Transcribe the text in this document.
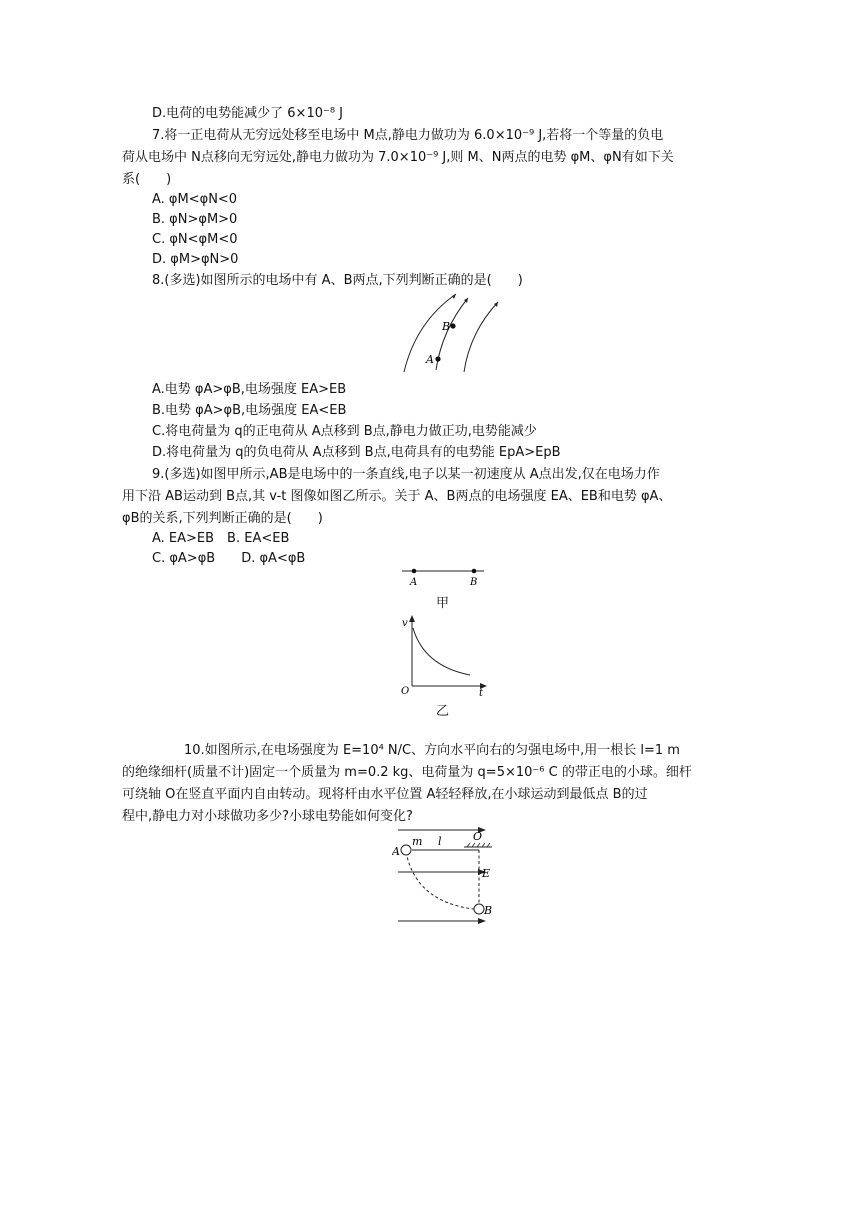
D.电荷的电势能减少了 6×10⁻⁸ J
7.将一正电荷从无穷远处移至电场中 M点,静电力做功为 6.0×10⁻⁹ J,若将一个等量的负电
荷从电场中 N点移向无穷远处,静电力做功为 7.0×10⁻⁹ J,则 M、N两点的电势 φM、φN有如下关
系(　　)
A. φM<φN<0
B. φN>φM>0
C. φN<φM<0
D. φM>φN>0
8.(多选)如图所示的电场中有 A、B两点,下列判断正确的是(　　)
A
B
A.电势 φA>φB,电场强度 EA>EB
B.电势 φA>φB,电场强度 EA<EB
C.将电荷量为 q的正电荷从 A点移到 B点,静电力做正功,电势能减少
D.将电荷量为 q的负电荷从 A点移到 B点,电荷具有的电势能 EpA>EpB
9.(多选)如图甲所示,AB是电场中的一条直线,电子以某一初速度从 A点出发,仅在电场力作
用下沿 AB运动到 B点,其 v-t 图像如图乙所示。关于 A、B两点的电场强度 EA、EB和电势 φA、
φB的关系,下列判断正确的是(　　)
A. EA>EB　B. EA<EB
C. φA>φB　　D. φA<φB
A	B
甲
v
t
O
乙
10.如图所示,在电场强度为 E=10⁴ N/C、方向水平向右的匀强电场中,用一根长 l=1 m
的绝缘细杆(质量不计)固定一个质量为 m=0.2 kg、电荷量为 q=5×10⁻⁶ C 的带正电的小球。细杆
可绕轴 O在竖直平面内自由转动。现将杆由水平位置 A轻轻释放,在小球运动到最低点 B的过
程中,静电力对小球做功多少?小球电势能如何变化?
m l	O
A
E
B
